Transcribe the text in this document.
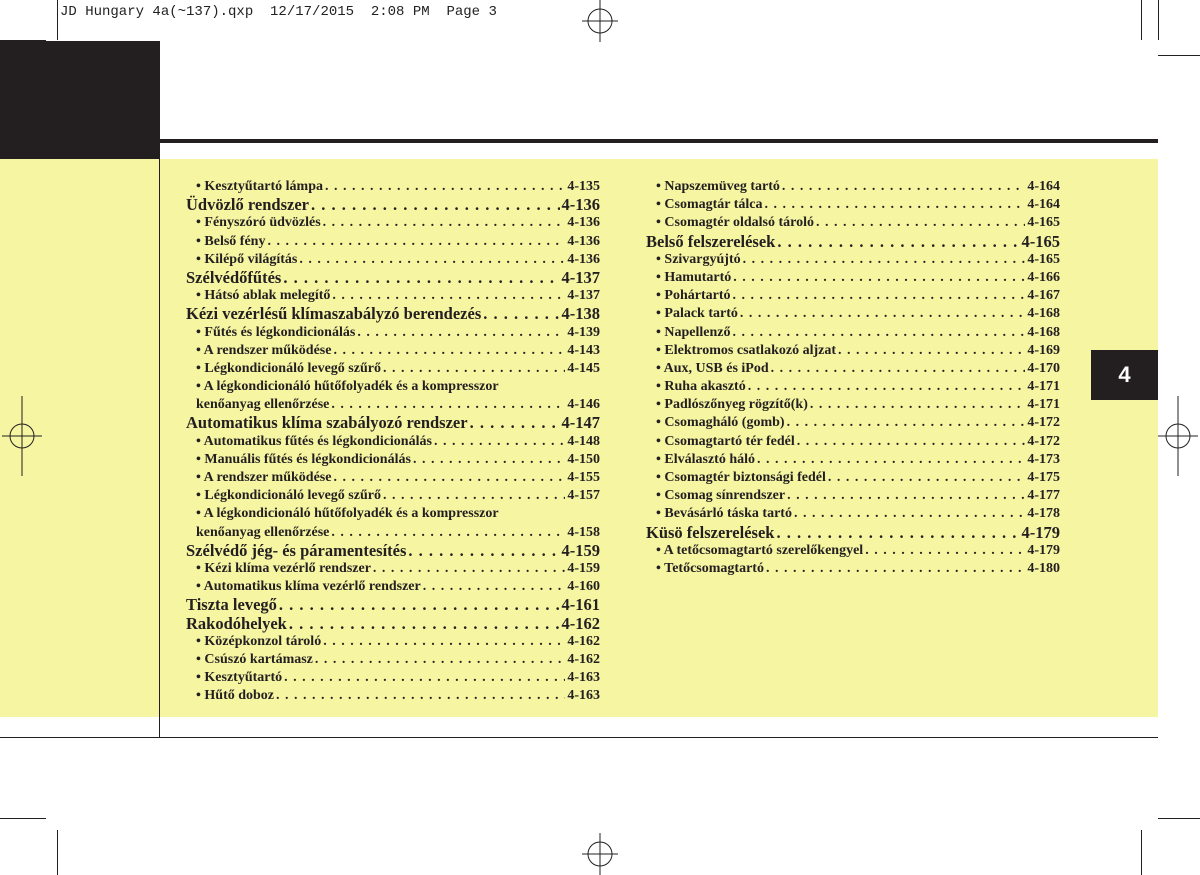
JD Hungary 4a(~137).qxp  12/17/2015  2:08 PM  Page 3
4
• Kesztyűtartó lámpa . . .	4-135
Üdvözlő rendszer . . .	4-136
• Fényszóró üdvözlés . . .	4-136
• Belső fény . . .	4-136
• Kilépő világítás . . .	4-136
Szélvédőfűtés . . .	4-137
• Hátsó ablak melegítő . . .	4-137
Kézi vezérlésű klímaszabályzó berendezés . . .	4-138
• Fűtés és légkondicionálás . . .	4-139
• A rendszer működése . . .	4-143
• Légkondicionáló levegő szűrő . . .	4-145
• A légkondicionáló hűtőfolyadék és a kompresszor
kenőanyag ellenőrzése . . .	4-146
Automatikus klíma szabályozó rendszer . . .	4-147
• Automatikus fűtés és légkondicionálás . . .	4-148
• Manuális fűtés és légkondicionálás . . .	4-150
• A rendszer működése . . .	4-155
• Légkondicionáló levegő szűrő . . .	4-157
• A légkondicionáló hűtőfolyadék és a kompresszor
kenőanyag ellenőrzése . . .	4-158
Szélvédő jég- és páramentesítés . . .	4-159
• Kézi klíma vezérlő rendszer . . .	4-159
• Automatikus klíma vezérlő rendszer . . .	4-160
Tiszta levegő . . .	4-161
Rakodóhelyek . . .	4-162
• Középkonzol tároló . . .	4-162
• Csúszó kartámasz . . .	4-162
• Kesztyűtartó . . .	4-163
• Hűtő doboz . . .	4-163
• Napszemüveg tartó . . .	4-164
• Csomagtár tálca . . .	4-164
• Csomagtér oldalsó tároló . . .	4-165
Belső felszerelések . . .	4-165
• Szivargyújtó . . .	4-165
• Hamutartó . . .	4-166
• Pohártartó . . .	4-167
• Palack tartó . . .	4-168
• Napellenző . . .	4-168
• Elektromos csatlakozó aljzat . . .	4-169
• Aux, USB és iPod . . .	4-170
• Ruha akasztó . . .	4-171
• Padlószőnyeg rögzítő(k) . . .	4-171
• Csomagháló (gomb) . . .	4-172
• Csomagtartó tér fedél . . .	4-172
• Elválasztó háló . . .	4-173
• Csomagtér biztonsági fedél . . .	4-175
• Csomag sínrendszer . . .	4-177
• Bevásárló táska tartó . . .	4-178
Küsö felszerelések . . .	4-179
• A tetőcsomagtartó szerelőkengyel . . .	4-179
• Tetőcsomagtartó . . .	4-180
